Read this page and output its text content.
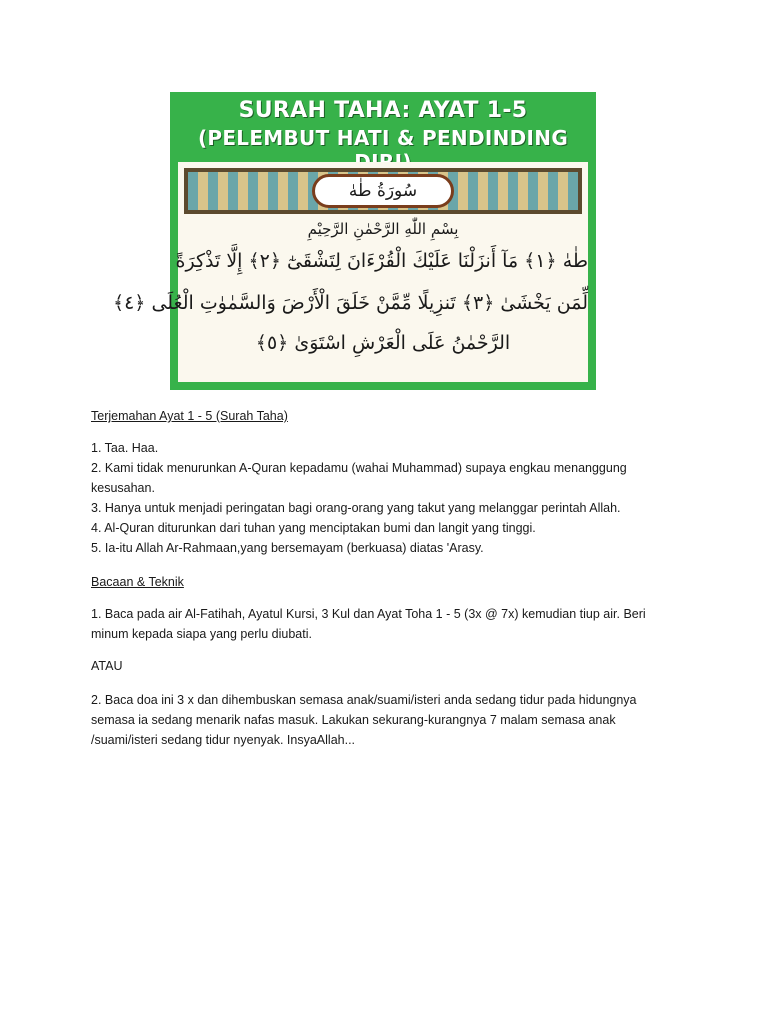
SURAH TAHA: AYAT 1-5
(PELEMBUT HATI & PENDINDING
سُورَةُ طٰهٰ
بِسْمِ اللّٰهِ الرَّحْمٰنِ الرَّحِيْمِ
طٰهٰ ﴿١﴾ مَآ أَنزَلْنَا عَلَيْكَ الْقُرْءَانَ لِتَشْقَىٰٓ ﴿٢﴾ إِلَّا تَذْكِرَةً
لِّمَن يَخْشَىٰ ﴿٣﴾ تَنزِيلًا مِّمَّنْ خَلَقَ الْأَرْضَ وَالسَّمٰوٰتِ الْعُلَى ﴿٤﴾
الرَّحْمٰنُ عَلَى الْعَرْشِ اسْتَوَىٰ ﴿٥﴾

Terjemahan Ayat 1 - 5 (Surah Taha)

1. Taa. Haa.

2. Kami tidak menurunkan A-Quran kepadamu (wahai Muhammad) supaya engkau menanggung

kesusahan.

3. Hanya untuk menjadi peringatan bagi orang-orang yang takut yang melanggar perintah Allah.

4. Al-Quran diturunkan dari tuhan yang menciptakan bumi dan langit yang tinggi.

5. Ia-itu Allah Ar-Rahmaan,yang bersemayam (berkuasa) diatas 'Arasy.

Bacaan & Teknik

1. Baca pada air Al-Fatihah, Ayatul Kursi, 3 Kul dan Ayat Toha 1 - 5 (3x @ 7x) kemudian tiup air. Beri

minum kepada siapa yang perlu diubati.

ATAU

2. Baca doa ini 3 x dan dihembuskan semasa anak/suami/isteri anda sedang tidur pada hidungnya

semasa ia sedang menarik nafas masuk. Lakukan sekurang-kurangnya 7 malam semasa anak

/suami/isteri sedang tidur nyenyak. InsyaAllah...
